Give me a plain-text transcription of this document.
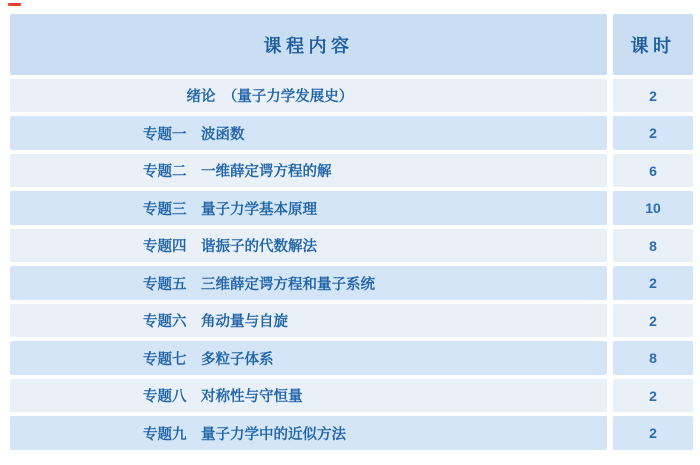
课程内容	课时
　　　绪论　（量子力学发展史）	2
专题一　波函数	2
专题二　一维薛定谔方程的解	6
专题三　量子力学基本原理	10
专题四　谐振子的代数解法	8
专题五　三维薛定谔方程和量子系统	2
专题六　角动量与自旋	2
专题七　多粒子体系	8
专题八　对称性与守恒量	2
专题九　量子力学中的近似方法	2
